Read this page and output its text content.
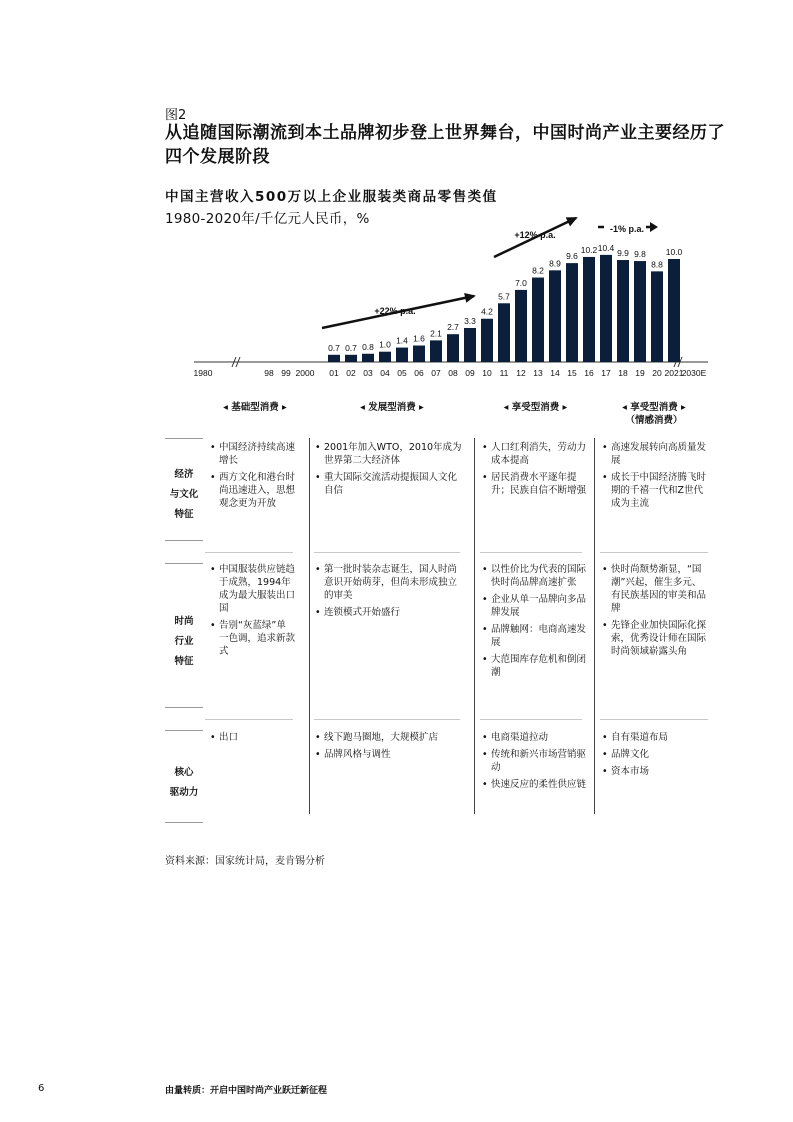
图2
从追随国际潮流到本土品牌初步登上世界舞台，中国时尚产业主要经历了四个发展阶段
中国主营收入500万以上企业服装类商品零售类值
1980-2020年/千亿元人民币，%
0.7 0.7 0.8 1.0 1.4 1.6
2.1
2.7
3.3
4.2
5.7
7.0
8.2
8.9
9.6
10.2 10.4
9.9 9.8
8.8
10.0
1980	98 99 2000 01 02 03 04 05 06 07 08 09 10 11 12 13 14 15 16 17 18 19 20 2021
2030E
+22% p.a.
+12% p.a.
-1% p.a.
◂ 基础型消费 ▸	◂ 发展型消费 ▸	◂ 享受型消费 ▸	◂ 享受型消费 ▸
（情感消费）
经济
与文化
特征
时尚
行业
特征
核心
驱动力
• 中国经济持续高速增长
• 西方文化和港台时尚迅速进入，思想观念更为开放
• 2001年加入WTO，2010年成为世界第二大经济体
• 重大国际交流活动提振国人文化自信
• 人口红利消失，劳动力成本提高
• 居民消费水平逐年提升；民族自信不断增强
• 高速发展转向高质量发展
• 成长于中国经济腾飞时期的千禧一代和Z世代成为主流
• 中国服装供应链趋于成熟，1994年成为最大服装出口国
• 告别“灰蓝绿”单一色调，追求新款式
• 第一批时装杂志诞生，国人时尚意识开始萌芽，但尚未形成独立的审美
• 连锁模式开始盛行
• 以性价比为代表的国际快时尚品牌高速扩张
• 企业从单一品牌向多品牌发展
• 品牌触网：电商高速发展
• 大范围库存危机和倒闭潮
• 快时尚颓势渐显，“国潮”兴起，催生多元、有民族基因的审美和品牌
• 先锋企业加快国际化探索，优秀设计师在国际时尚领域崭露头角
• 出口
•	线下跑马圈地，大规模扩店
• 品牌风格与调性
• 电商渠道拉动
• 传统和新兴市场营销驱动
• 快速反应的柔性供应链
• 自有渠道布局
• 品牌文化
• 资本市场
资料来源：国家统计局，麦肯锡分析
6	由量转质：开启中国时尚产业跃迁新征程
